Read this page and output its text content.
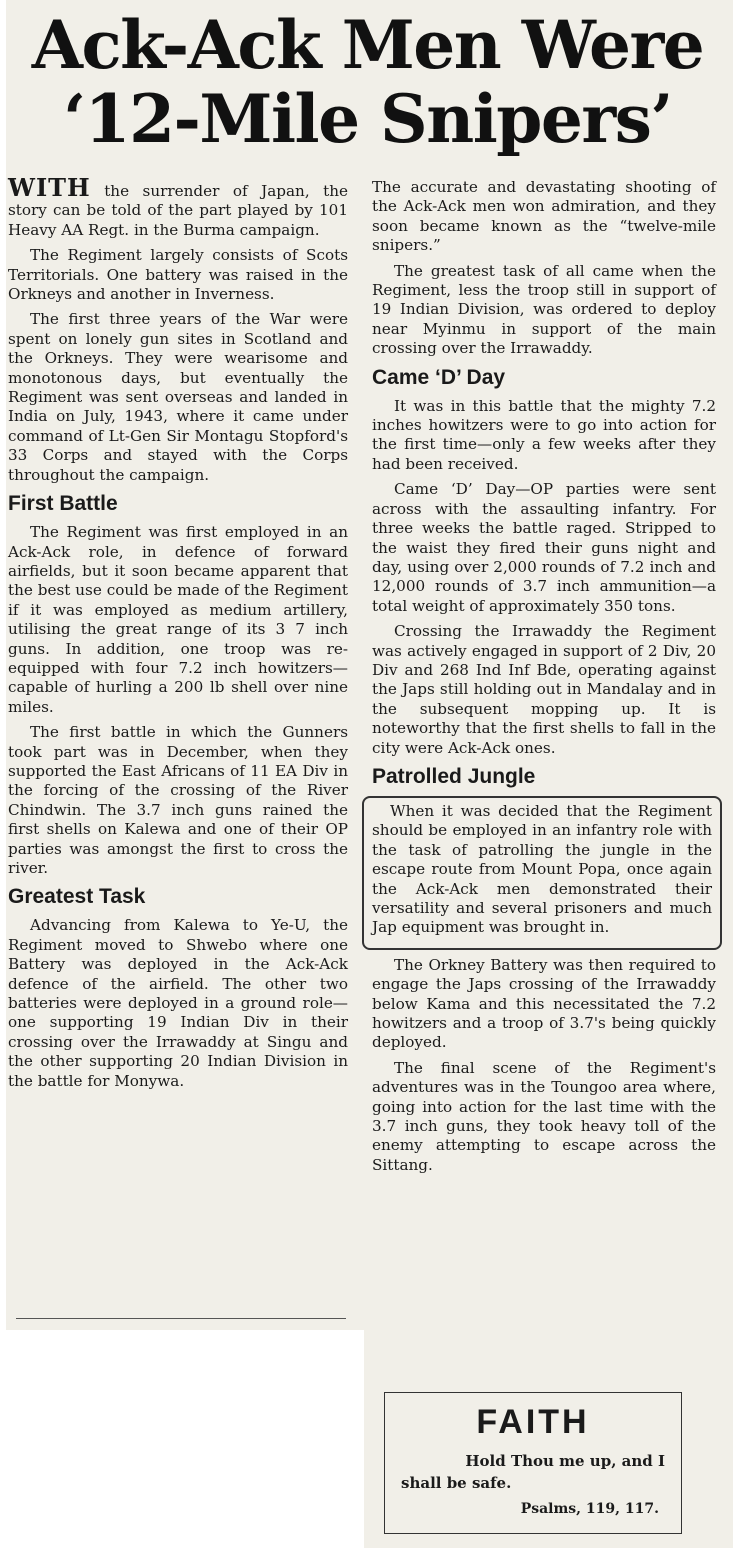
Ack-Ack Men Were
‘12-Mile Snipers’

WITH the surrender of Japan, the story can be told of the part played by 101 Heavy AA Regt. in the Burma campaign.

The Regiment largely consists of Scots Territorials. One battery was raised in the Orkneys and another in Inverness.

The first three years of the War were spent on lonely gun sites in Scotland and the Orkneys. They were wearisome and monotonous days, but eventually the Regiment was sent overseas and landed in India on July, 1943, where it came under command of Lt-Gen Sir Montagu Stopford's 33 Corps and stayed with the Corps throughout the campaign.

First Battle

The Regiment was first employed in an Ack-Ack role, in defence of forward airfields, but it soon became apparent that the best use could be made of the Regiment if it was employed as medium artillery, utilising the great range of its 3 7 inch guns. In addition, one troop was re-equipped with four 7.2 inch howitzers—capable of hurling a 200 lb shell over nine miles.

The first battle in which the Gunners took part was in December, when they supported the East Africans of 11 EA Div in the forcing of the crossing of the River Chindwin. The 3.7 inch guns rained the first shells on Kalewa and one of their OP parties was amongst the first to cross the river.

Greatest Task

Advancing from Kalewa to Ye-U, the Regiment moved to Shwebo where one Battery was deployed in the Ack-Ack defence of the airfield. The other two batteries were deployed in a ground role—one supporting 19 Indian Div in their crossing over the Irrawaddy at Singu and the other supporting 20 Indian Division in the battle for Monywa.

The accurate and devastating shooting of the Ack-Ack men won admiration, and they soon became known as the “twelve-mile snipers.”

The greatest task of all came when the Regiment, less the troop still in support of 19 Indian Division, was ordered to deploy near Myinmu in support of the main crossing over the Irrawaddy.

Came ‘D’ Day

It was in this battle that the mighty 7.2 inches howitzers were to go into action for the first time—only a few weeks after they had been received.

Came ‘D’ Day—OP parties were sent across with the assaulting infantry. For three weeks the battle raged. Stripped to the waist they fired their guns night and day, using over 2,000 rounds of 7.2 inch and 12,000 rounds of 3.7 inch ammunition—a total weight of approximately 350 tons.

Crossing the Irrawaddy the Regiment was actively engaged in support of 2 Div, 20 Div and 268 Ind Inf Bde, operating against the Japs still holding out in Mandalay and in the subsequent mopping up. It is noteworthy that the first shells to fall in the city were Ack-Ack ones.

Patrolled Jungle

When it was decided that the Regiment should be employed in an infantry role with the task of patrolling the jungle in the escape route from Mount Popa, once again the Ack-Ack men demonstrated their versatility and several prisoners and much Jap equipment was brought in.

The Orkney Battery was then required to engage the Japs crossing of the Irrawaddy below Kama and this necessitated the 7.2 howitzers and a troop of 3.7's being quickly deployed.

The final scene of the Regiment's adventures was in the Toungoo area where, going into action for the last time with the 3.7 inch guns, they took heavy toll of the enemy attempting to escape across the Sittang.

FAITH
Hold Thou me up, and I
shall be safe.
Psalms, 119, 117.
